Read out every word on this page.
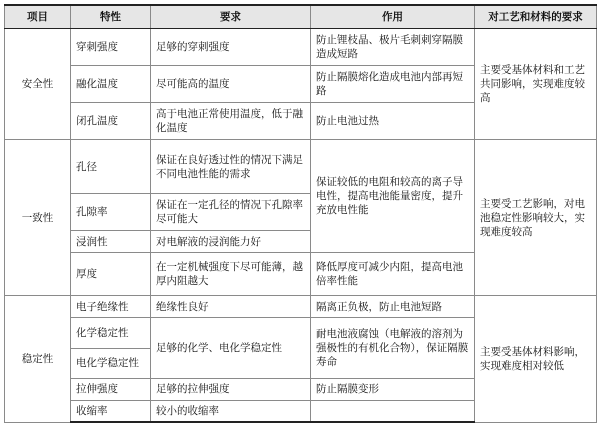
项目	特性	要求	作用	对工艺和材料的要求
安全性	穿刺强度	足够的穿刺强度	防止锂枝晶、极片毛刺刺穿隔膜造成短路	主要受基体材料和工艺共同影响，实现难度较高
	融化温度	尽可能高的温度	防止隔膜熔化造成电池内部再短路	
	闭孔温度	高于电池正常使用温度，低于融化温度	防止电池过热	
一致性	孔径	保证在良好透过性的情况下满足不同电池性能的需求	保证较低的电阻和较高的离子导电性，提高电池能量密度，提升充放电性能	主要受工艺影响，对电池稳定性影响较大，实现难度较高
	孔隙率	保证在一定孔径的情况下孔隙率尽可能大		
	浸润性	对电解液的浸润能力好		
	厚度	在一定机械强度下尽可能薄，越厚内阻越大	降低厚度可减少内阻，提高电池倍率性能	
稳定性	电子绝缘性	绝缘性良好	隔离正负极，防止电池短路	主要受基体材料影响，实现难度相对较低
	化学稳定性	足够的化学、电化学稳定性	耐电池液腐蚀（电解液的溶剂为强极性的有机化合物），保证隔膜寿命	
	电化学稳定性			
	拉伸强度	足够的拉伸强度	防止隔膜变形	
	收缩率	较小的收缩率		
